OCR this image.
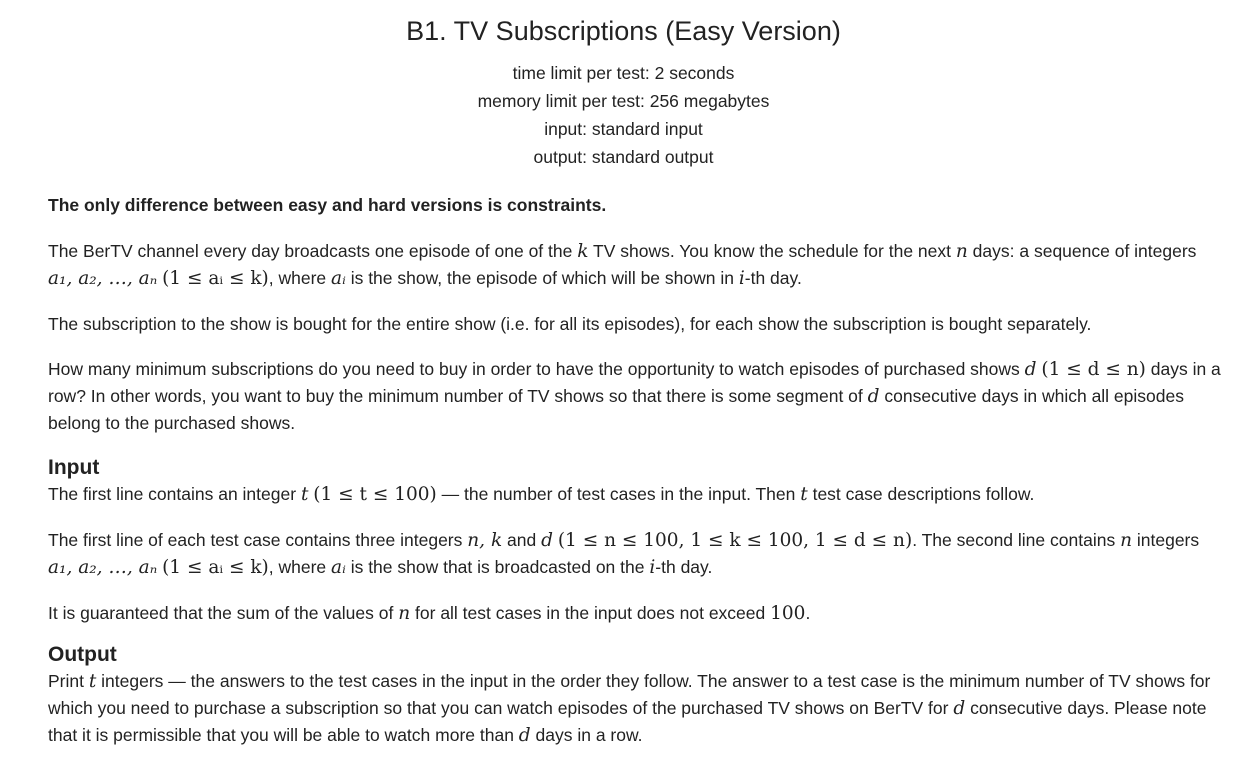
B1. TV Subscriptions (Easy Version)
time limit per test: 2 seconds
memory limit per test: 256 megabytes
input: standard input
output: standard output

The only difference between easy and hard versions is constraints.

The BerTV channel every day broadcasts one episode of one of the k TV shows. You know the schedule for the next n days: a sequence of integers a₁, a₂, …, aₙ (1 ≤ aᵢ ≤ k), where aᵢ is the show, the episode of which will be shown in i-th day.

The subscription to the show is bought for the entire show (i.e. for all its episodes), for each show the subscription is bought separately.

How many minimum subscriptions do you need to buy in order to have the opportunity to watch episodes of purchased shows d (1 ≤ d ≤ n) days in a row? In other words, you want to buy the minimum number of TV shows so that there is some segment of d consecutive days in which all episodes belong to the purchased shows.

Input

The first line contains an integer t (1 ≤ t ≤ 100) — the number of test cases in the input. Then t test case descriptions follow.

The first line of each test case contains three integers n, k and d (1 ≤ n ≤ 100, 1 ≤ k ≤ 100, 1 ≤ d ≤ n). The second line contains n integers a₁, a₂, …, aₙ (1 ≤ aᵢ ≤ k), where aᵢ is the show that is broadcasted on the i-th day.

It is guaranteed that the sum of the values of n for all test cases in the input does not exceed 100.

Output

Print t integers — the answers to the test cases in the input in the order they follow. The answer to a test case is the minimum number of TV shows for which you need to purchase a subscription so that you can watch episodes of the purchased TV shows on BerTV for d consecutive days. Please note that it is permissible that you will be able to watch more than d days in a row.
